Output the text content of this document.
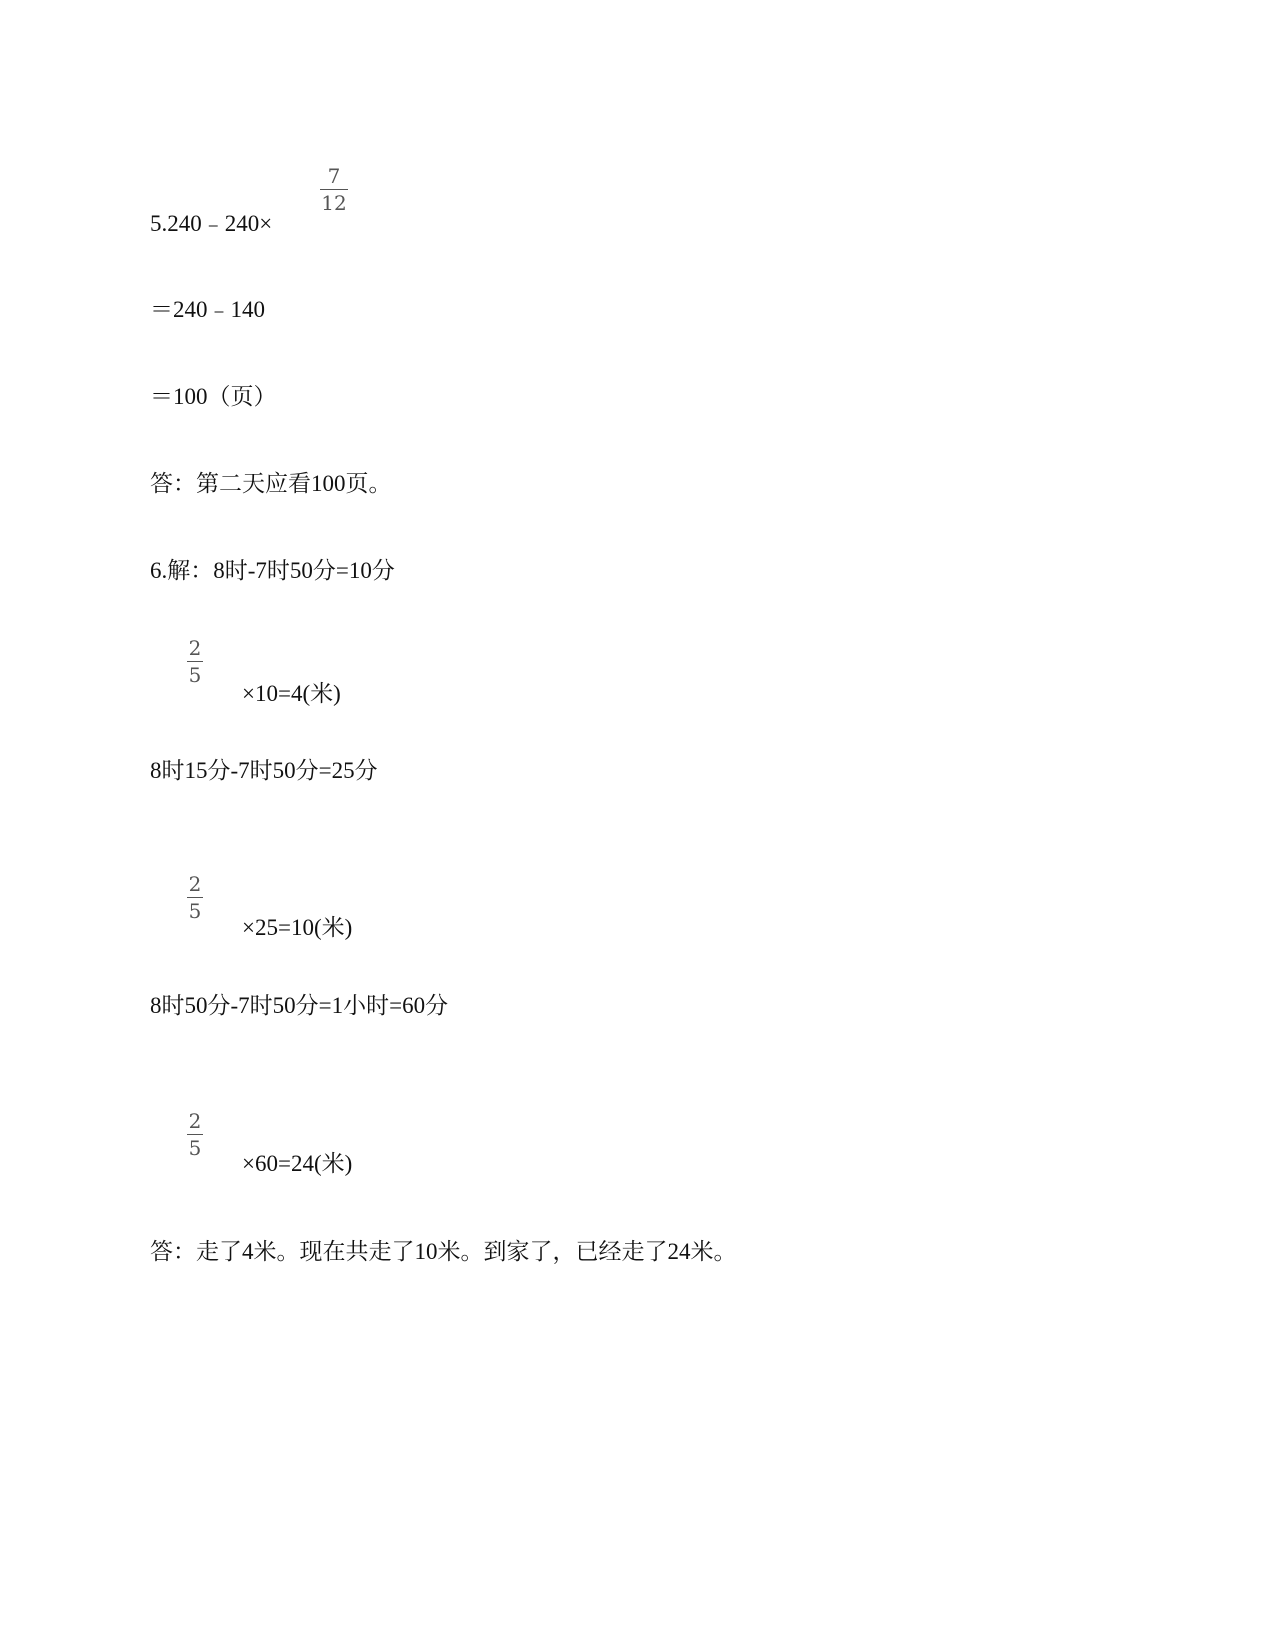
7
12
5.240﹣240×
＝240﹣140
＝100（页）
答：第二天应看100页。
6.解：8时-7时50分=10分
2
5
×10=4(米)
8时15分-7时50分=25分
2
5
×25=10(米)
8时50分-7时50分=1小时=60分
2
5
×60=24(米)
答：走了4米。现在共走了10米。到家了，已经走了24米。
